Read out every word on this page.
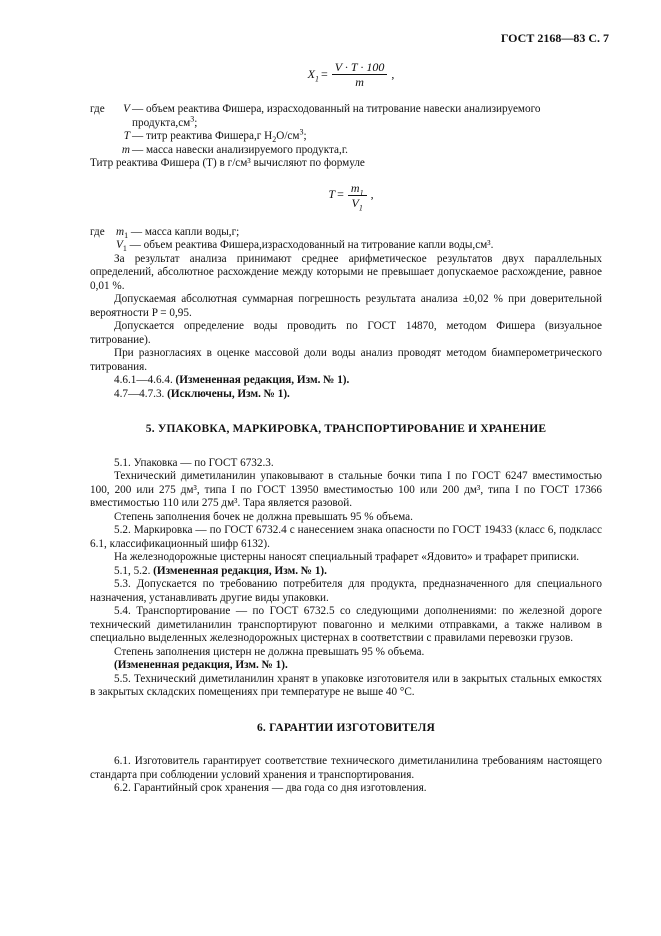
ГОСТ 2168—83 С. 7
$X_1 = \frac{V \cdot T \cdot 100}{m}$ ,
где	V — объем реактива Фишера, израсходованный на титрование навески анализируемого $продукта,см^3$;
T — титр реактива Фишера,г $H_2O/см^3$;
m — масса навески анализируемого продукта,г.
Титр реактива Фишера (T) в г/см³ вычисляют по формуле
$T = \frac{m_1}{V_1}$ ,
где	$m_1$ — масса капли воды,г;
$V_1$ — объем реактива Фишера,израсходованный на титрование капли воды,см³.
За результат анализа принимают среднее арифметическое результатов двух параллельных определений, абсолютное расхождение между которыми не превышает допускаемое расхождение, равное 0,01 %.
Допускаемая абсолютная суммарная погрешность результата анализа ±0,02 % при доверительной вероятности P = 0,95.
Допускается определение воды проводить по ГОСТ 14870, методом Фишера (визуальное титрование).
При разногласиях в оценке массовой доли воды анализ проводят методом биамперометрического титрования.
4.6.1—4.6.4. (Измененная редакция, Изм. № 1).
4.7—4.7.3. (Исключены, Изм. № 1).
5. УПАКОВКА, МАРКИРОВКА, ТРАНСПОРТИРОВАНИЕ И ХРАНЕНИЕ
5.1. Упаковка — по ГОСТ 6732.3.
Технический диметиланилин упаковывают в стальные бочки типа I по ГОСТ 6247 вместимостью 100, 200 или 275 дм³, типа I по ГОСТ 13950 вместимостью 100 или 200 дм³, типа I по ГОСТ 17366 вместимостью 110 или 275 дм³. Тара является разовой.
Степень заполнения бочек не должна превышать 95 % объема.
5.2. Маркировка — по ГОСТ 6732.4 с нанесением знака опасности по ГОСТ 19433 (класс 6, подкласс 6.1, классификационный шифр 6132).
На железнодорожные цистерны наносят специальный трафарет «Ядовито» и трафарет приписки.
5.1, 5.2. (Измененная редакция, Изм. № 1).
5.3. Допускается по требованию потребителя для продукта, предназначенного для специального назначения, устанавливать другие виды упаковки.
5.4. Транспортирование — по ГОСТ 6732.5 со следующими дополнениями: по железной дороге технический диметиланилин транспортируют повагонно и мелкими отправками, а также наливом в специально выделенных железнодорожных цистернах в соответствии с правилами перевозки грузов.
Степень заполнения цистерн не должна превышать 95 % объема.
(Измененная редакция, Изм. № 1).
5.5. Технический диметиланилин хранят в упаковке изготовителя или в закрытых стальных емкостях в закрытых складских помещениях при температуре не выше 40 °С.
6. ГАРАНТИИ ИЗГОТОВИТЕЛЯ
6.1. Изготовитель гарантирует соответствие технического диметиланилина требованиям настоящего стандарта при соблюдении условий хранения и транспортирования.
6.2. Гарантийный срок хранения — два года со дня изготовления.
